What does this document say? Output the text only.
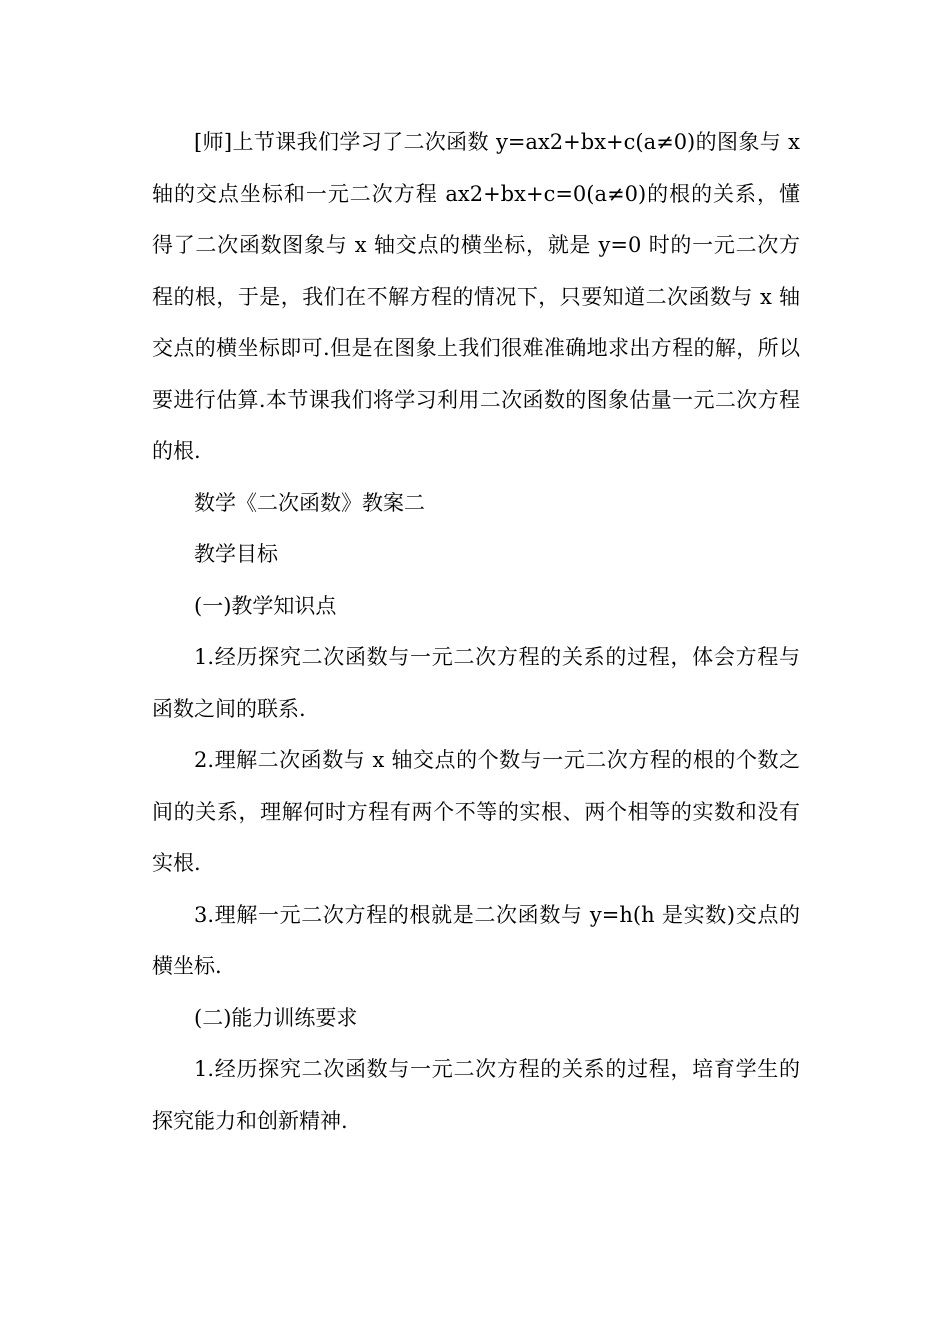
[师]上节课我们学习了二次函数 y=ax2+bx+c(a≠0)的图象与 x 轴的交点坐标和一元二次方程 ax2+bx+c=0(a≠0)的根的关系，懂得了二次函数图象与 x 轴交点的横坐标，就是 y=0 时的一元二次方程的根，于是，我们在不解方程的情况下，只要知道二次函数与 x 轴交点的横坐标即可.但是在图象上我们很难准确地求出方程的解，所以要进行估算.本节课我们将学习利用二次函数的图象估量一元二次方程的根.

数学《二次函数》教案二

教学目标

(一)教学知识点

1.经历探究二次函数与一元二次方程的关系的过程，体会方程与函数之间的联系.

2.理解二次函数与 x 轴交点的个数与一元二次方程的根的个数之间的关系，理解何时方程有两个不等的实根、两个相等的实数和没有实根.

3.理解一元二次方程的根就是二次函数与 y=h(h 是实数)交点的横坐标.

(二)能力训练要求

1.经历探究二次函数与一元二次方程的关系的过程，培育学生的探究能力和创新精神.
